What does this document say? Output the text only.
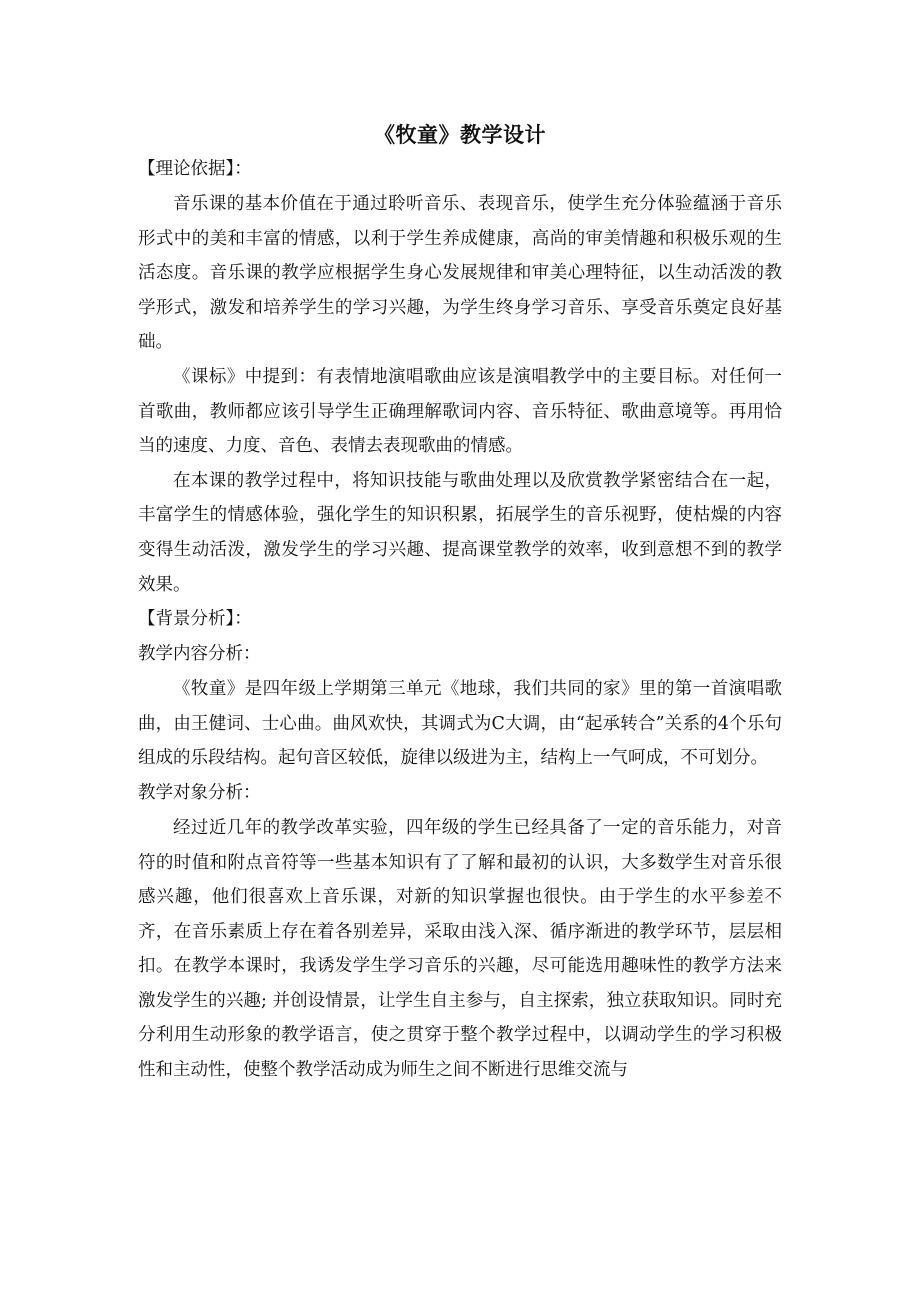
《牧童》教学设计
【理论依据】：

音乐课的基本价值在于通过聆听音乐、表现音乐，使学生充分体验蕴涵于音乐形式中的美和丰富的情感，以利于学生养成健康，高尚的审美情趣和积极乐观的生活态度。音乐课的教学应根据学生身心发展规律和审美心理特征，以生动活泼的教学形式，激发和培养学生的学习兴趣，为学生终身学习音乐、享受音乐奠定良好基础。

《课标》中提到：有表情地演唱歌曲应该是演唱教学中的主要目标。对任何一首歌曲，教师都应该引导学生正确理解歌词内容、音乐特征、歌曲意境等。再用恰当的速度、力度、音色、表情去表现歌曲的情感。

在本课的教学过程中，将知识技能与歌曲处理以及欣赏教学紧密结合在一起，丰富学生的情感体验，强化学生的知识积累，拓展学生的音乐视野，使枯燥的内容变得生动活泼，激发学生的学习兴趣、提高课堂教学的效率，收到意想不到的教学效果。

【背景分析】：
教学内容分析：

《牧童》是四年级上学期第三单元《地球，我们共同的家》里的第一首演唱歌曲，由王健词、士心曲。曲风欢快，其调式为C大调，由“起承转合”关系的4个乐句组成的乐段结构。起句音区较低，旋律以级进为主，结构上一气呵成，不可划分。

教学对象分析：

经过近几年的教学改革实验，四年级的学生已经具备了一定的音乐能力，对音符的时值和附点音符等一些基本知识有了了解和最初的认识，大多数学生对音乐很感兴趣，他们很喜欢上音乐课，对新的知识掌握也很快。由于学生的水平参差不齐，在音乐素质上存在着各别差异，采取由浅入深、循序渐进的教学环节，层层相扣。在教学本课时，我诱发学生学习音乐的兴趣，尽可能选用趣味性的教学方法来激发学生的兴趣; 并创设情景，让学生自主参与，自主探索，独立获取知识。同时充分利用生动形象的教学语言，使之贯穿于整个教学过程中，以调动学生的学习积极性和主动性，使整个教学活动成为师生之间不断进行思维交流与
